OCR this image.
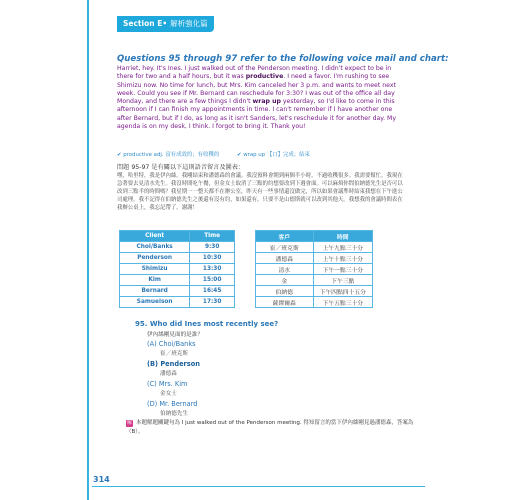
Section E• 解析強化篇
Questions 95 through 97 refer to the following voice mail and chart:
Harriet, hey. It's Ines. I just walked out of the Penderson meeting. I didn't expect to be in there for two and a half hours, but it was productive. I need a favor. I'm rushing to see Shimizu now. No time for lunch, but Mrs. Kim canceled her 3 p.m. and wants to meet next week. Could you see if Mr. Bernard can reschedule for 3:30? I was out of the office all day Monday, and there are a few things I didn't wrap up yesterday, so I'd like to come in this afternoon if I can finish my appointments in time. I can't remember if I have another one after Bernard, but if I do, as long as it isn't Sanders, let's reschedule it for another day. My agenda is on my desk, I think. I forgot to bring it. Thank you!
✔ productive adj. 富有成效的；有收穫的	✔ wrap up 【口】完成；結束
問題 95-97 是有關以下這則語音留言及圖表：
嘿，哈里特，我是伊內絲。我剛結束和潘德森的會議。我沒預料會開到兩個半小時，不過收穫很多。我需要幫忙。我現在急著要去見清水先生。我沒時間吃午餐，但金女士取消了三點的約想要改到下週會面。可以麻煩你問伯納德先生是否可以改到三點半的時間嗎？我星期一一整天都不在辦公室，昨天有一些事情還沒做完，所以如果會議準時結束我想在下午進公司處理。我不記得在伯納德先生之後還有沒有約，如果還有，只要不是山德斯就可以改到其他天。我想我的會議時間表在我辦公桌上，我忘記帶了。謝謝！
Client	Time
Choi/Banks	9:30
Penderson	10:30
Shimizu	13:30
Kim	15:00
Bernard	16:45
Samuelson	17:30
客戶	時間
崔／班克斯	上午九點三十分
潘德森	上午十點三十分
清水	下午一點三十分
金	下午三點
伯納德	下午四點四十五分
薩繆爾森	下午五點三十分
95. Who did Ines most recently see?
伊內絲剛見面的是誰？
(A) Choi/Banks
崔／班克斯
(B) Penderson
潘德森
(C) Mrs. Kim
金女士
(D) Mr. Bernard
伯納德先生
解 本題解題關鍵句為 I just walked out of the Penderson meeting. 得知留言的當下伊內絲剛見過潘德森，答案為（B）。
314
